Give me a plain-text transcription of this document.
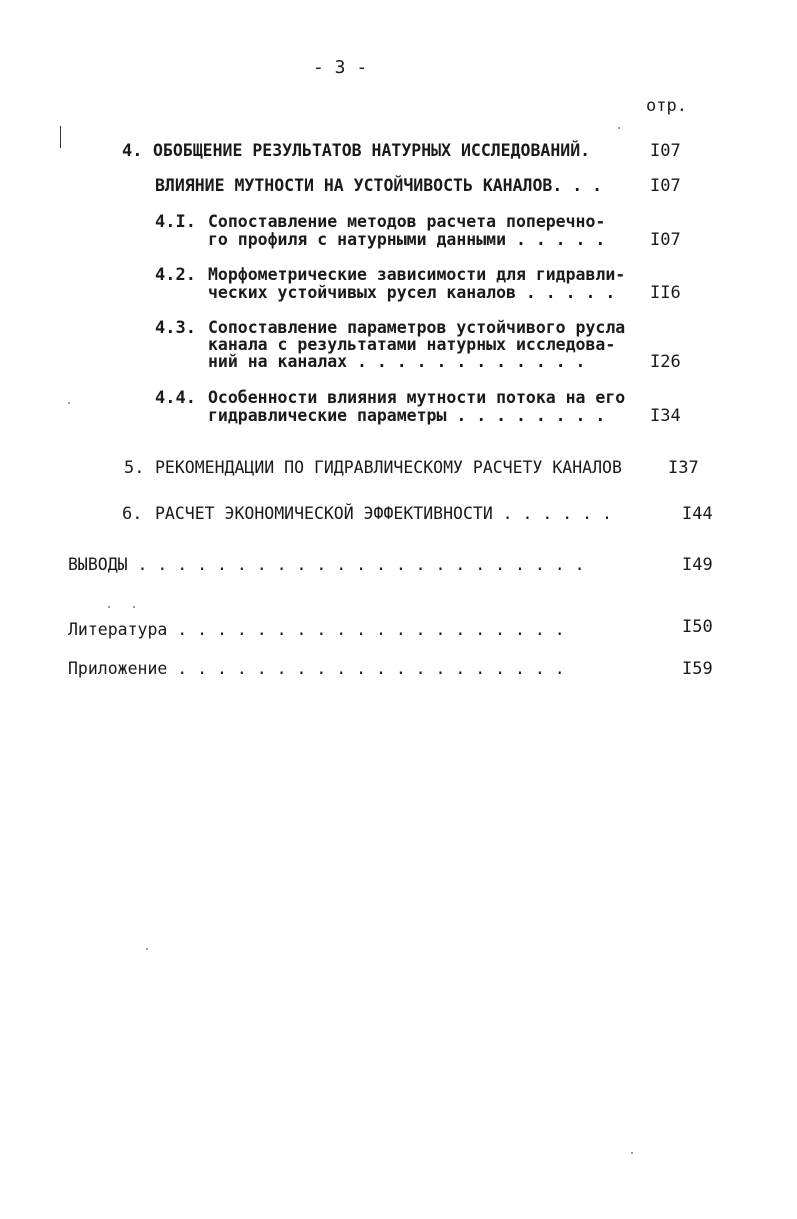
- 3 -
отр.
4. ОБОБЩЕНИЕ РЕЗУЛЬТАТОВ НАТУРНЫХ ИССЛЕДОВАНИЙ.	I07
ВЛИЯНИЕ МУТНОСТИ НА УСТОЙЧИВОСТЬ КАНАЛОВ. . .	I07
4.I. Сопоставление методов расчета поперечно-
го профиля с натурными данными . . . . .	I07
4.2. Морфометрические зависимости для гидравли-
ческих устойчивых русел каналов . . . . . II6
4.3. Сопоставление параметров устойчивого русла
канала с результатами натурных исследова-
ний на каналах . . . . . . . . . . . .	I26
4.4. Особенности влияния мутности потока на его
гидравлические параметры . . . . . . . .	I34
5. РЕКОМЕНДАЦИИ ПО ГИДРАВЛИЧЕСКОМУ РАСЧЕТУ КАНАЛОВ	I37
6. РАСЧЕТ ЭКОНОМИЧЕСКОЙ ЭФФЕКТИВНОСТИ . . . . . .	I44
ВЫВОДЫ . . . . . . . . . . . . . . . . . . . . . . .	I49
Литература . . . . . . . . . . . . . . . . . . . .	I50
Приложение . . . . . . . . . . . . . . . . . . . .	I59
